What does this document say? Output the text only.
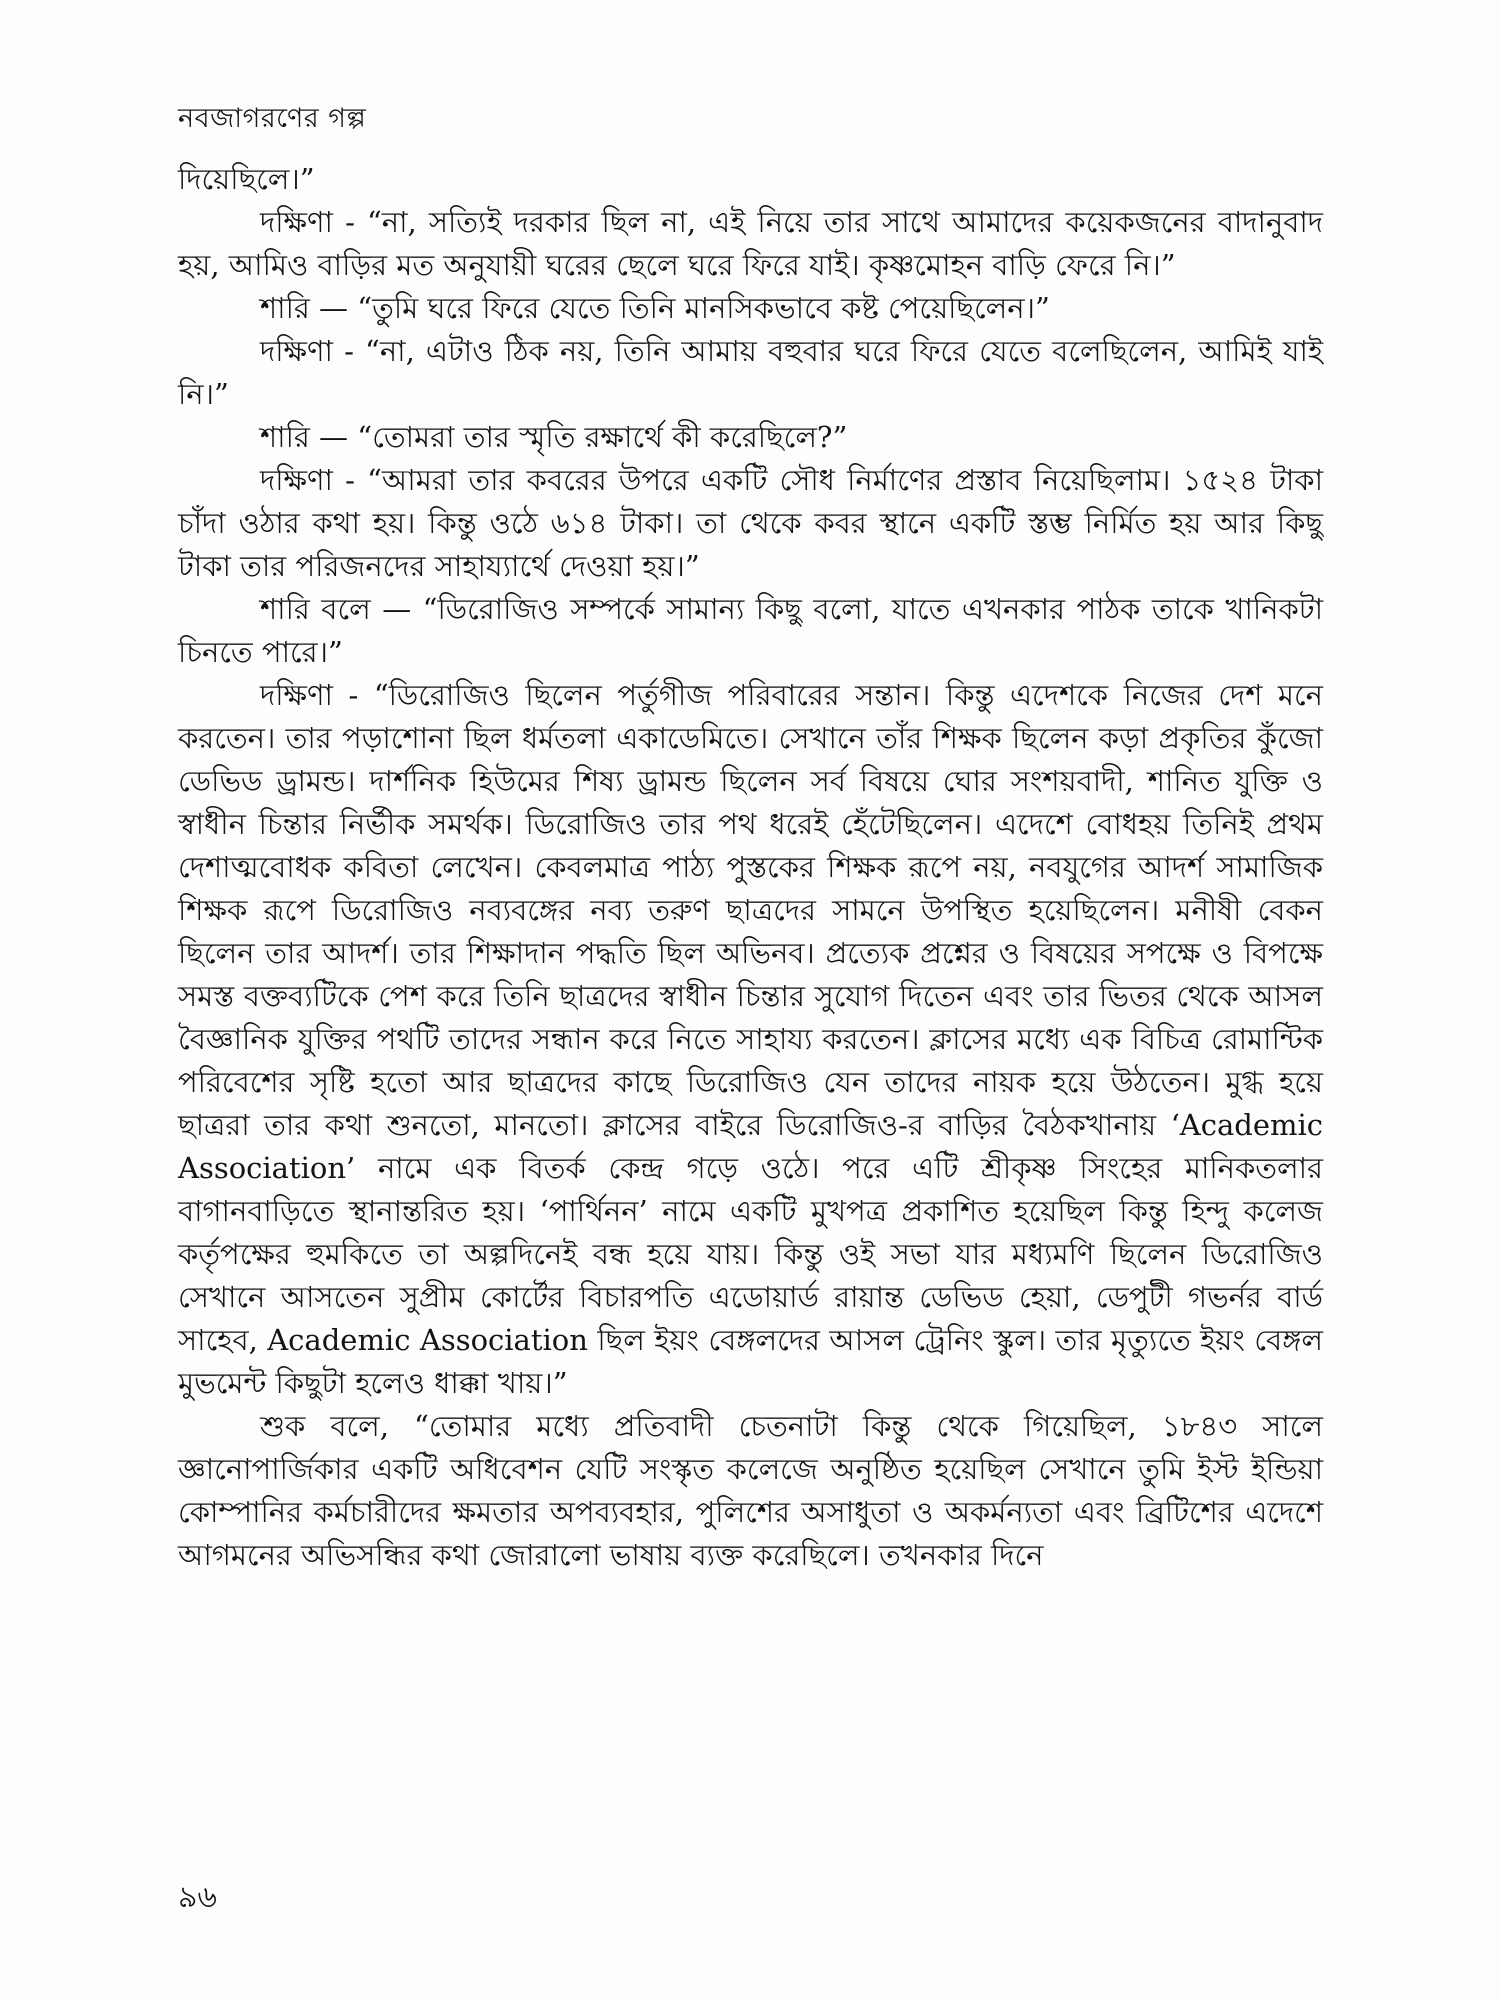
নবজাগরণের গল্প

দিয়েছিলে।”

দক্ষিণা - “না, সত্যিই দরকার ছিল না, এই নিয়ে তার সাথে আমাদের কয়েকজনের বাদানুবাদ হয়, আমিও বাড়ির মত অনুযায়ী ঘরের ছেলে ঘরে ফিরে যাই। কৃষ্ণমোহন বাড়ি ফেরে নি।”

শারি — “তুমি ঘরে ফিরে যেতে তিনি মানসিকভাবে কষ্ট পেয়েছিলেন।”

দক্ষিণা - “না, এটাও ঠিক নয়, তিনি আমায় বহুবার ঘরে ফিরে যেতে বলেছিলেন, আমিই যাই নি।”

শারি — “তোমরা তার স্মৃতি রক্ষার্থে কী করেছিলে?”

দক্ষিণা - “আমরা তার কবরের উপরে একটি সৌধ নির্মাণের প্রস্তাব নিয়েছিলাম। ১৫২৪ টাকা চাঁদা ওঠার কথা হয়। কিন্তু ওঠে ৬১৪ টাকা। তা থেকে কবর স্থানে একটি স্তম্ভ নির্মিত হয় আর কিছু টাকা তার পরিজনদের সাহায্যার্থে দেওয়া হয়।”

শারি বলে — “ডিরোজিও সম্পর্কে সামান্য কিছু বলো, যাতে এখনকার পাঠক তাকে খানিকটা চিনতে পারে।”

দক্ষিণা - “ডিরোজিও ছিলেন পর্তুগীজ পরিবারের সন্তান। কিন্তু এদেশকে নিজের দেশ মনে করতেন। তার পড়াশোনা ছিল ধর্মতলা একাডেমিতে। সেখানে তাঁর শিক্ষক ছিলেন কড়া প্রকৃতির কুঁজো ডেভিড ড্রামন্ড। দার্শনিক হিউমের শিষ্য ড্রামন্ড ছিলেন সর্ব বিষয়ে ঘোর সংশয়বাদী, শানিত যুক্তি ও স্বাধীন চিন্তার নির্ভীক সমর্থক। ডিরোজিও তার পথ ধরেই হেঁটেছিলেন। এদেশে বোধহয় তিনিই প্রথম দেশাত্মবোধক কবিতা লেখেন। কেবলমাত্র পাঠ্য পুস্তকের শিক্ষক রূপে নয়, নবযুগের আদর্শ সামাজিক শিক্ষক রূপে ডিরোজিও নব্যবঙ্গের নব্য তরুণ ছাত্রদের সামনে উপস্থিত হয়েছিলেন। মনীষী বেকন ছিলেন তার আদর্শ। তার শিক্ষাদান পদ্ধতি ছিল অভিনব। প্রত্যেক প্রশ্নের ও বিষয়ের সপক্ষে ও বিপক্ষে সমস্ত বক্তব্যটিকে পেশ করে তিনি ছাত্রদের স্বাধীন চিন্তার সুযোগ দিতেন এবং তার ভিতর থেকে আসল বৈজ্ঞানিক যুক্তির পথটি তাদের সন্ধান করে নিতে সাহায্য করতেন। ক্লাসের মধ্যে এক বিচিত্র রোমান্টিক পরিবেশের সৃষ্টি হতো আর ছাত্রদের কাছে ডিরোজিও যেন তাদের নায়ক হয়ে উঠতেন। মুগ্ধ হয়ে ছাত্ররা তার কথা শুনতো, মানতো। ক্লাসের বাইরে ডিরোজিও-র বাড়ির বৈঠকখানায় ‘Academic Association’ নামে এক বিতর্ক কেন্দ্র গড়ে ওঠে। পরে এটি শ্রীকৃষ্ণ সিংহের মানিকতলার বাগানবাড়িতে স্থানান্তরিত হয়। ‘পার্থিনন’ নামে একটি মুখপত্র প্রকাশিত হয়েছিল কিন্তু হিন্দু কলেজ কর্তৃপক্ষের হুমকিতে তা অল্পদিনেই বন্ধ হয়ে যায়। কিন্তু ওই সভা যার মধ্যমণি ছিলেন ডিরোজিও সেখানে আসতেন সুপ্রীম কোর্টের বিচারপতি এডোয়ার্ড রায়ান্ত ডেভিড হেয়া, ডেপুটী গভর্নর বার্ড সাহেব, Academic Association ছিল ইয়ং বেঙ্গলদের আসল ট্রেনিং স্কুল। তার মৃত্যুতে ইয়ং বেঙ্গল মুভমেন্ট কিছুটা হলেও ধাক্কা খায়।”

শুক বলে, “তোমার মধ্যে প্রতিবাদী চেতনাটা কিন্তু থেকে গিয়েছিল, ১৮৪৩ সালে জ্ঞানোপার্জিকার একটি অধিবেশন যেটি সংস্কৃত কলেজে অনুষ্ঠিত হয়েছিল সেখানে তুমি ইস্ট ইন্ডিয়া কোম্পানির কর্মচারীদের ক্ষমতার অপব্যবহার, পুলিশের অসাধুতা ও অকর্মন্যতা এবং ব্রিটিশের এদেশে আগমনের অভিসন্ধির কথা জোরালো ভাষায় ব্যক্ত করেছিলে। তখনকার দিনে

৯৬
